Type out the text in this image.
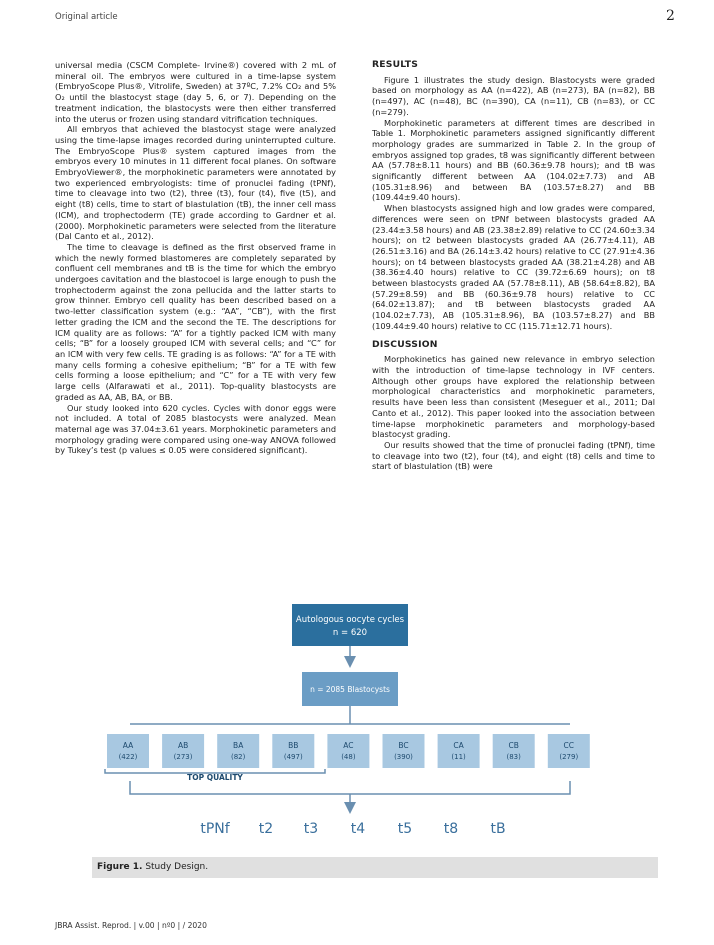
Original article	2

universal media (CSCM Complete- Irvine®) covered with 2 mL of mineral oil. The embryos were cultured in a time-lapse system (EmbryoScope Plus®, Vitrolife, Sweden) at 37ºC, 7.2% CO₂ and 5% O₂ until the blastocyst stage (day 5, 6, or 7). Depending on the treatment indication, the blastocysts were then either transferred into the uterus or frozen using standard vitrification techniques.

All embryos that achieved the blastocyst stage were analyzed using the time-lapse images recorded during uninterrupted culture. The EmbryoScope Plus® system captured images from the embryos every 10 minutes in 11 different focal planes. On software EmbryoViewer®, the morphokinetic parameters were annotated by two experienced embryologists: time of pronuclei fading (tPNf), time to cleavage into two (t2), three (t3), four (t4), five (t5), and eight (t8) cells, time to start of blastulation (tB), the inner cell mass (ICM), and trophectoderm (TE) grade according to Gardner et al. (2000). Morphokinetic parameters were selected from the literature (Dal Canto et al., 2012).

The time to cleavage is defined as the first observed frame in which the newly formed blastomeres are completely separated by confluent cell membranes and tB is the time for which the embryo undergoes cavitation and the blastocoel is large enough to push the trophectoderm against the zona pellucida and the latter starts to grow thinner. Embryo cell quality has been described based on a two-letter classification system (e.g.: “AA”, “CB”), with the first letter grading the ICM and the second the TE. The descriptions for ICM quality are as follows: “A” for a tightly packed ICM with many cells; “B” for a loosely grouped ICM with several cells; and “C” for an ICM with very few cells. TE grading is as follows: “A” for a TE with many cells forming a cohesive epithelium; “B” for a TE with few cells forming a loose epithelium; and “C” for a TE with very few large cells (Alfarawati et al., 2011). Top-quality blastocysts are graded as AA, AB, BA, or BB.

Our study looked into 620 cycles. Cycles with donor eggs were not included. A total of 2085 blastocysts were analyzed. Mean maternal age was 37.04±3.61 years. Morphokinetic parameters and morphology grading were compared using one-way ANOVA followed by Tukey’s test (p values ≤ 0.05 were considered significant).

RESULTS

Figure 1 illustrates the study design. Blastocysts were graded based on morphology as AA (n=422), AB (n=273), BA (n=82), BB (n=497), AC (n=48), BC (n=390), CA (n=11), CB (n=83), or CC (n=279).

Morphokinetic parameters at different times are described in Table 1. Morphokinetic parameters assigned significantly different morphology grades are summarized in Table 2. In the group of embryos assigned top grades, t8 was significantly different between AA (57.78±8.11 hours) and BB (60.36±9.78 hours); and tB was significantly different between AA (104.02±7.73) and AB (105.31±8.96) and between BA (103.57±8.27) and BB (109.44±9.40 hours).

When blastocysts assigned high and low grades were compared, differences were seen on tPNf between blastocysts graded AA (23.44±3.58 hours) and AB (23.38±2.89) relative to CC (24.60±3.34 hours); on t2 between blastocysts graded AA (26.77±4.11), AB (26.51±3.16) and BA (26.14±3.42 hours) relative to CC (27.91±4.36 hours); on t4 between blastocysts graded AA (38.21±4.28) and AB (38.36±4.40 hours) relative to CC (39.72±6.69 hours); on t8 between blastocysts graded AA (57.78±8.11), AB (58.64±8.82), BA (57.29±8.59) and BB (60.36±9.78 hours) relative to CC (64.02±13.87); and tB between blastocysts graded AA (104.02±7.73), AB (105.31±8.96), BA (103.57±8.27) and BB (109.44±9.40 hours) relative to CC (115.71±12.71 hours).

DISCUSSION

Morphokinetics has gained new relevance in embryo selection with the introduction of time-lapse technology in IVF centers. Although other groups have explored the relationship between morphological characteristics and morphokinetic parameters, results have been less than consistent (Meseguer et al., 2011; Dal Canto et al., 2012). This paper looked into the association between time-lapse morphokinetic parameters and morphology-based blastocyst grading.

Our results showed that the time of pronuclei fading (tPNf), time to cleavage into two (t2), four (t4), and eight (t8) cells and time to start of blastulation (tB) were

Autologous oocyte cycles
n = 620
n = 2085 Blastocysts
AA
(422)
AB
(273)
BA
(82)
BB
(497)
AC
(48)
BC
(390)
CA
(11)
CB
(83)
CC
(279)
TOP QUALITY
tPNf t2 t3 t4 t5 t8 tB
Figure 1. Study Design.
JBRA Assist. Reprod. | v.00 | nº0 | / 2020
